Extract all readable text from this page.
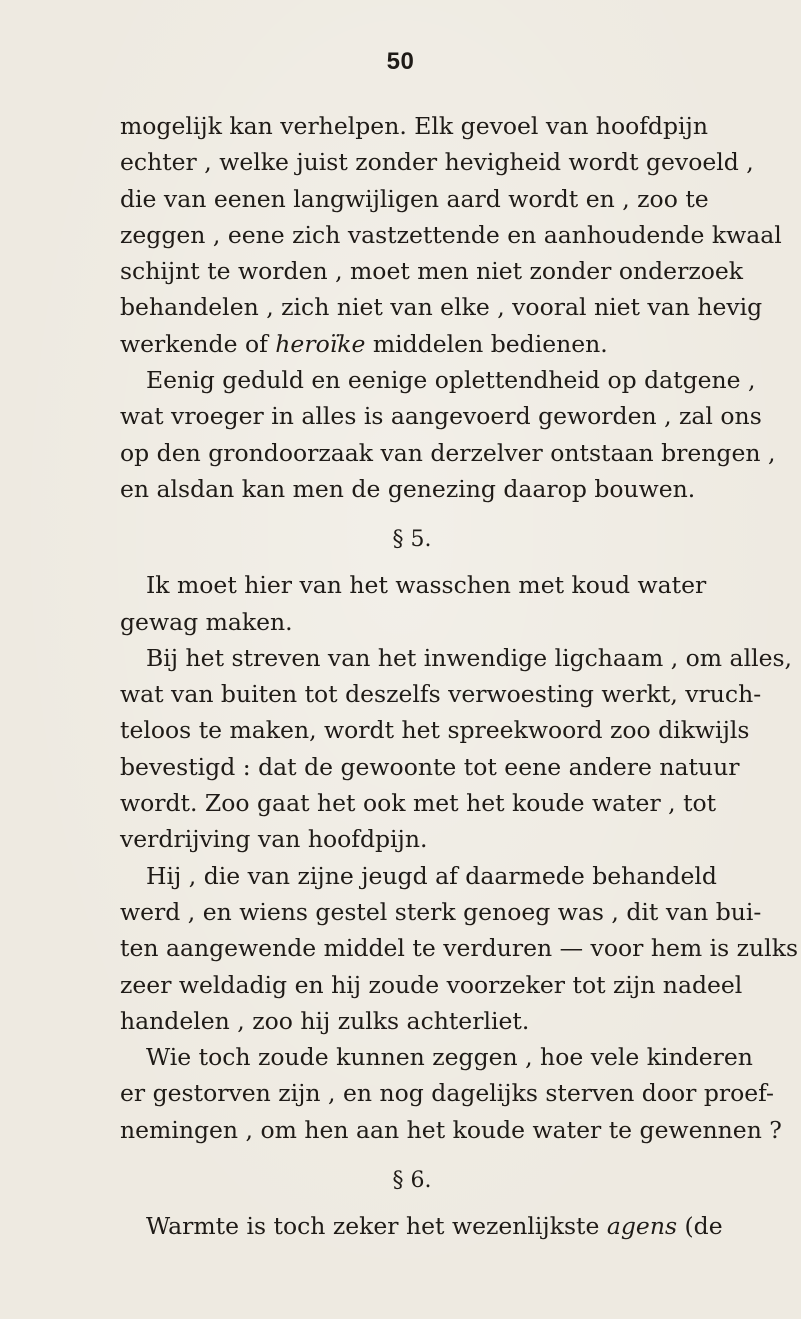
50
mogelijk kan verhelpen. Elk gevoel van hoofdpijn
echter , welke juist zonder hevigheid wordt gevoeld ,
die van eenen langwijligen aard wordt en , zoo te
zeggen , eene zich vastzettende en aanhoudende kwaal
schijnt te worden , moet men niet zonder onderzoek
behandelen , zich niet van elke , vooral niet van hevig
werkende of heroïke middelen bedienen.
Eenig geduld en eenige oplettendheid op datgene ,
wat vroeger in alles is aangevoerd geworden , zal ons
op den grondoorzaak van derzelver ontstaan brengen ,
en alsdan kan men de genezing daarop bouwen.
§ 5.
Ik moet hier van het wasschen met koud water
gewag maken.
Bij het streven van het inwendige ligchaam , om alles,
wat van buiten tot deszelfs verwoesting werkt, vruch-
teloos te maken, wordt het spreekwoord zoo dikwijls
bevestigd : dat de gewoonte tot eene andere natuur
wordt. Zoo gaat het ook met het koude water , tot
verdrijving van hoofdpijn.
Hij , die van zijne jeugd af daarmede behandeld
werd , en wiens gestel sterk genoeg was , dit van bui-
ten aangewende middel te verduren — voor hem is zulks
zeer weldadig en hij zoude voorzeker tot zijn nadeel
handelen , zoo hij zulks achterliet.
Wie toch zoude kunnen zeggen , hoe vele kinderen
er gestorven zijn , en nog dagelijks sterven door proef-
nemingen , om hen aan het koude water te gewennen ?
§ 6.
Warmte is toch zeker het wezenlijkste agens (de
